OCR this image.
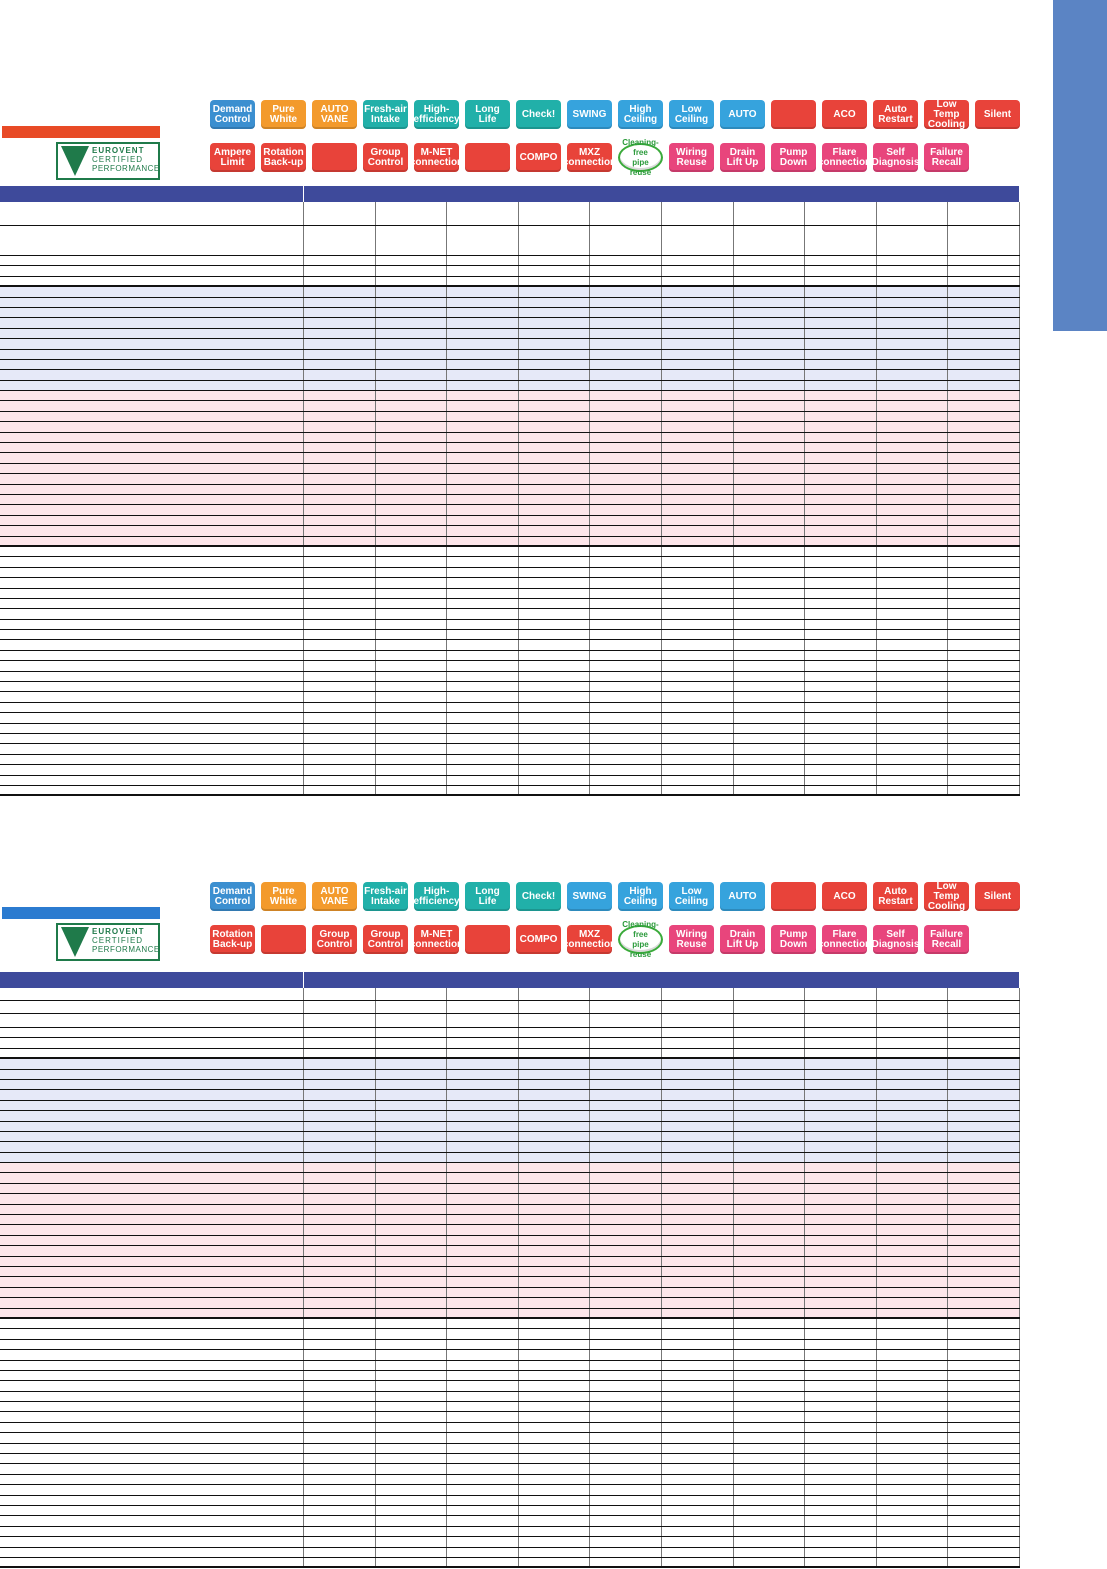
EUROVENT
CERTIFIED
PERFORMANCE
Demand
Control
Pure
White
AUTO
VANE
Fresh-air Intake
High-efficiency
Long Life	Check!	SWING	High
Ceiling
Low
Ceiling	AUTO	ACO	Auto Restart
Low Temp
Cooling
Silent
Ampere
Limit
Rotation
Back-up
Group
Control
M-NET
connection	COMPO	MXZ
connection
Cleaning-free
pipe reuse
Wiring
Reuse
Drain
Lift Up
Pump
Down
Flare
connection
Self
Diagnosis
Failure
Recall
EUROVENT
CERTIFIED
PERFORMANCE
Demand
Control
Pure
White
AUTO
VANE
Fresh-air Intake
High-efficiency
Long Life	Check!	SWING	High
Ceiling
Low
Ceiling	AUTO	ACO	Auto Restart
Low Temp
Cooling
Silent
Rotation
Back-up
Group
Control
Group
Control
M-NET
connection	COMPO	MXZ
connection
Cleaning-free
pipe reuse
Wiring
Reuse
Drain
Lift Up
Pump
Down
Flare
connection
Self
Diagnosis
Failure
Recall
